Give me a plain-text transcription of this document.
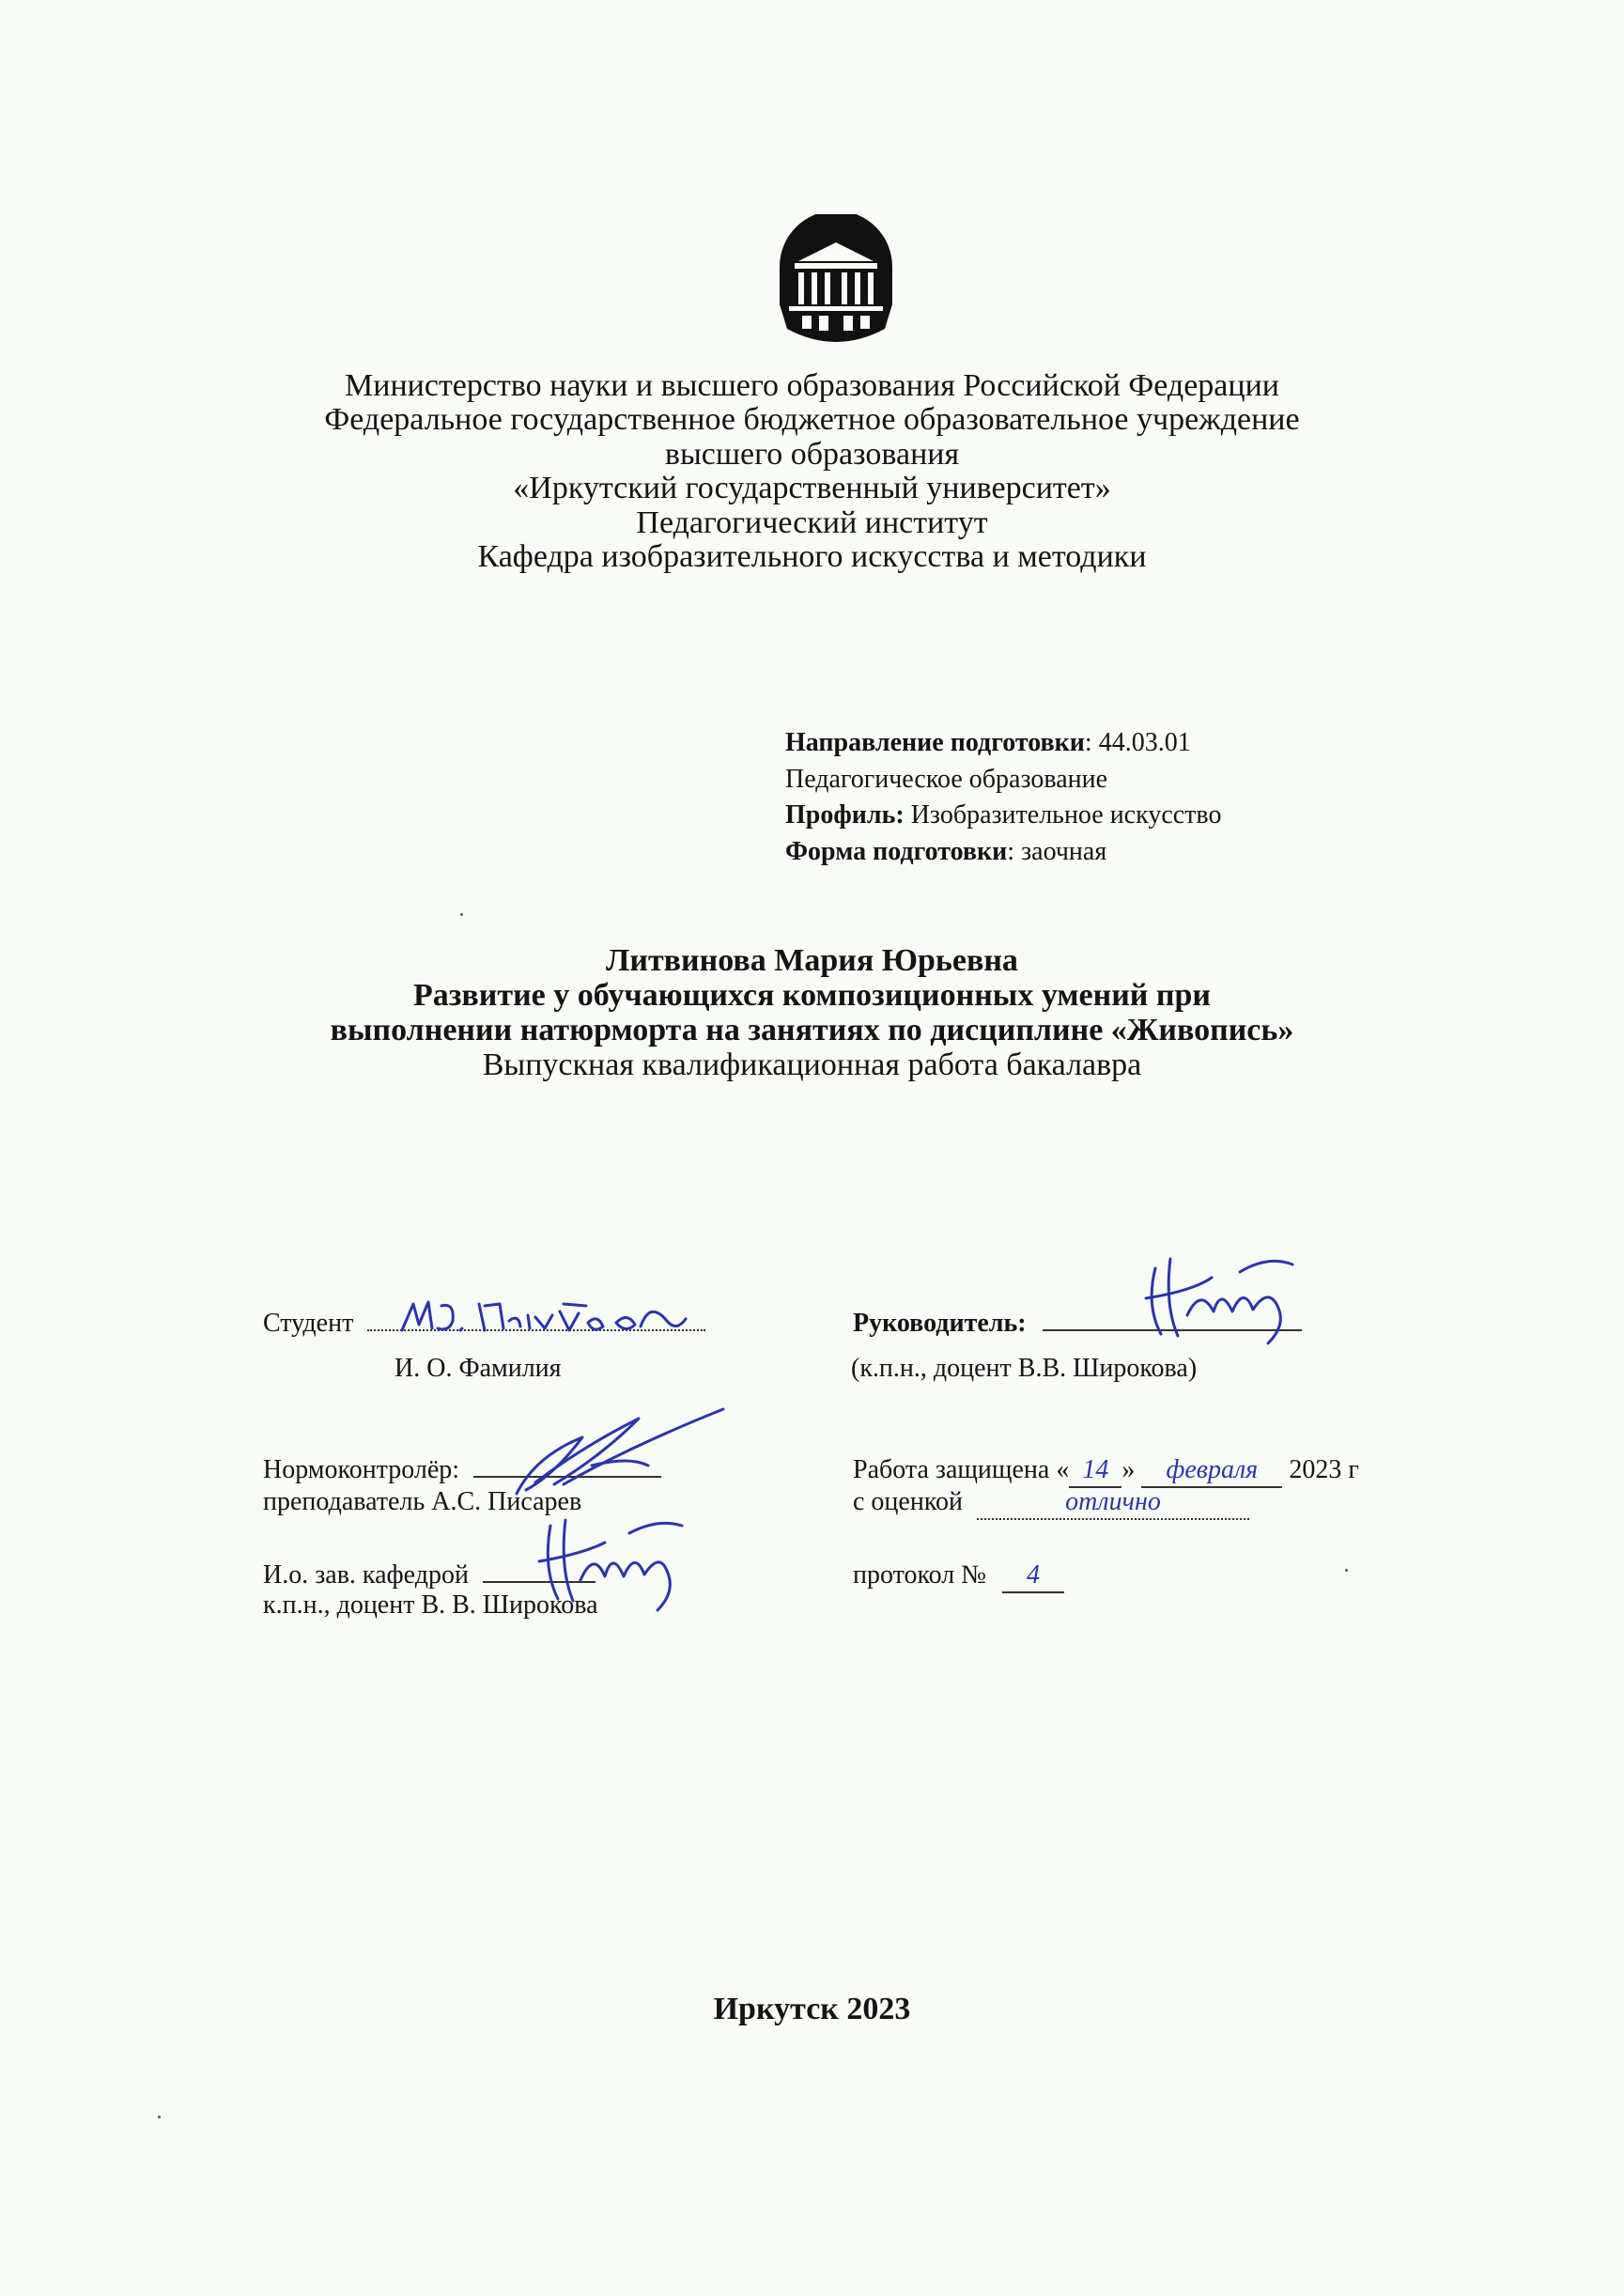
Министерство науки и высшего образования Российской Федерации
Федеральное государственное бюджетное образовательное учреждение
высшего образования
«Иркутский государственный университет»
Педагогический институт
Кафедра изобразительного искусства и методики
Направление подготовки: 44.03.01
Педагогическое образование
Профиль: Изобразительное искусство
Форма подготовки: заочная
Литвинова Мария Юрьевна
Развитие у обучающихся композиционных умений при
выполнении натюрморта на занятиях по дисциплине «Живопись»
Выпускная квалификационная работа бакалавра
Студент
И. О. Фамилия
Руководитель:
(к.п.н., доцент В.В. Широкова)
Нормоконтролёр:
преподаватель А.С. Писарев
Работа защищена « 14 » февраля 2023 г
с оценкой	отлично
И.о. зав. кафедрой
к.п.н., доцент В. В. Широкова
протокол № 4
Иркутск 2023
